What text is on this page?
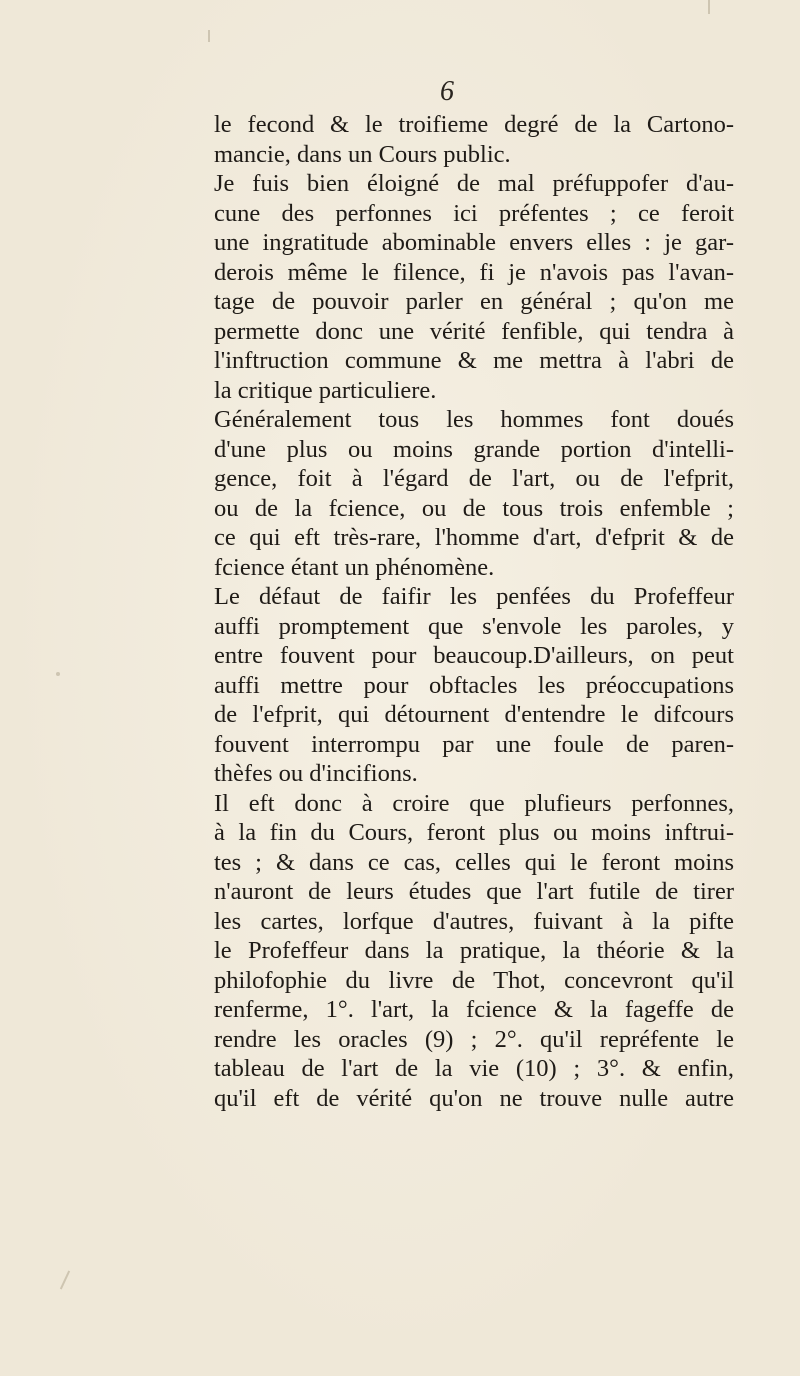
6
le fecond & le troifieme degré de la Cartono-
mancie, dans un Cours public.
Je fuis bien éloigné de mal préfuppofer d'au-
cune des perfonnes ici préfentes ; ce feroit
une ingratitude abominable envers elles : je gar-
derois même le filence, fi je n'avois pas l'avan-
tage de pouvoir parler en général ; qu'on me
permette donc une vérité fenfible, qui tendra à
l'inftruction commune & me mettra à l'abri de
la critique particuliere.
Généralement tous les hommes font doués
d'une plus ou moins grande portion d'intelli-
gence, foit à l'égard de l'art, ou de l'efprit,
ou de la fcience, ou de tous trois enfemble ;
ce qui eft très-rare, l'homme d'art, d'efprit & de
fcience étant un phénomène.
Le défaut de faifir les penfées du Profeffeur
auffi promptement que s'envole les paroles, y
entre fouvent pour beaucoup.D'ailleurs, on peut
auffi mettre pour obftacles les préoccupations
de l'efprit, qui détournent d'entendre le difcours
fouvent interrompu par une foule de paren-
thèfes ou d'incifions.
Il eft donc à croire que plufieurs perfonnes,
à la fin du Cours, feront plus ou moins inftrui-
tes ; & dans ce cas, celles qui le feront moins
n'auront de leurs études que l'art futile de tirer
les cartes, lorfque d'autres, fuivant à la pifte
le Profeffeur dans la pratique, la théorie & la
philofophie du livre de Thot, concevront qu'il
renferme, 1°. l'art, la fcience & la fageffe de
rendre les oracles (9) ; 2°. qu'il repréfente le
tableau de l'art de la vie (10) ; 3°. & enfin,
qu'il eft de vérité qu'on ne trouve nulle autre
